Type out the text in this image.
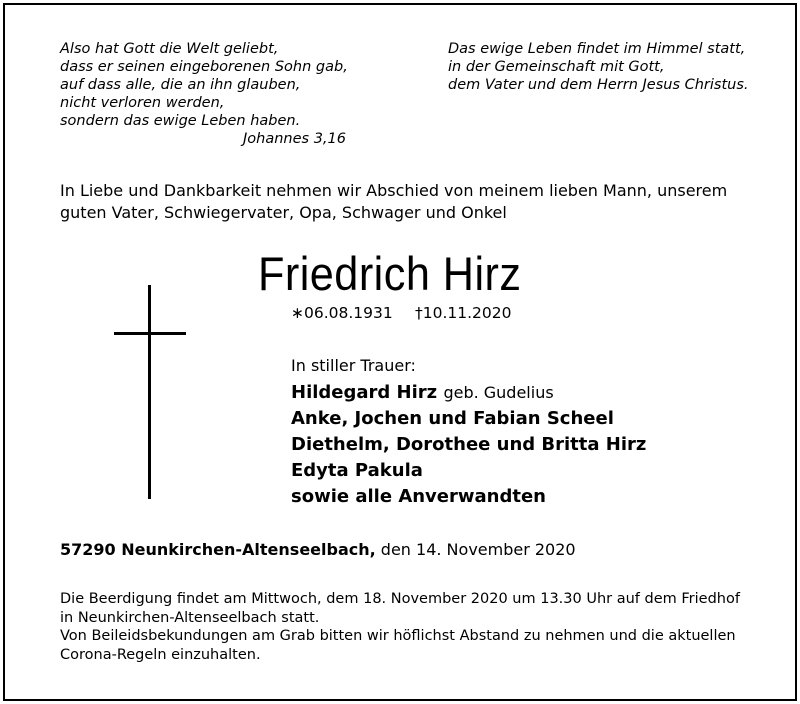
Also hat Gott die Welt geliebt,
dass er seinen eingeborenen Sohn gab,
auf dass alle, die an ihn glauben,
nicht verloren werden,
sondern das ewige Leben haben.
Johannes 3,16
Das ewige Leben findet im Himmel statt,
in der Gemeinschaft mit Gott,
dem Vater und dem Herrn Jesus Christus.
In Liebe und Dankbarkeit nehmen wir Abschied von meinem lieben Mann, unserem
guten Vater, Schwiegervater, Opa, Schwager und Onkel
Friedrich Hirz
∗06.08.1931 †10.11.2020
In stiller Trauer:
Hildegard Hirz geb. Gudelius
Anke, Jochen und Fabian Scheel
Diethelm, Dorothee und Britta Hirz
Edyta Pakula
sowie alle Anverwandten
57290 Neunkirchen-Altenseelbach, den 14. November 2020
Die Beerdigung findet am Mittwoch, dem 18. November 2020 um 13.30 Uhr auf dem Friedhof
in Neunkirchen-Altenseelbach statt.
Von Beileidsbekundungen am Grab bitten wir höflichst Abstand zu nehmen und die aktuellen
Corona-Regeln einzuhalten.
